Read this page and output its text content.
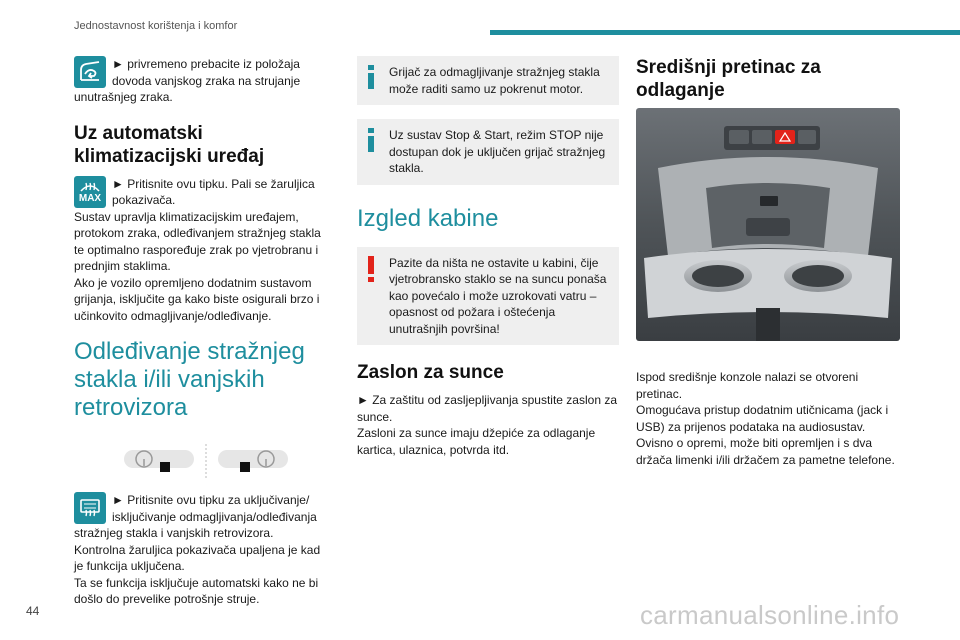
Jednostavnost korištenja i komfor

► privremeno prebacite iz položaja dovoda vanjskog zraka na strujanje unutrašnjeg zraka.

Uz automatski klimatizacijski uređaj
MAX

► Pritisnite ovu tipku. Pali se žaruljica pokazivača.

Sustav upravlja klimatizacijskim uređajem, protokom zraka, odleđivanjem stražnjeg stakla te optimalno raspoređuje zrak po vjetrobranu i prednjim staklima.

Ako je vozilo opremljeno dodatnim sustavom grijanja, isključite ga kako biste osigurali brzo i učinkovito odmagljivanje/odleđivanje.

Odleđivanje stražnjeg stakla i/ili vanjskih retrovizora

► Pritisnite ovu tipku za uključivanje/ isključivanje odmagljivanja/odleđivanja stražnjeg stakla i vanjskih retrovizora. Kontrolna žaruljica pokazivača upaljena je kad je funkcija uključena.

Ta se funkcija isključuje automatski kako ne bi došlo do prevelike potrošnje struje.

Grijač za odmagljivanje stražnjeg stakla može raditi samo uz pokrenut motor.
Uz sustav Stop & Start, režim STOP nije dostupan dok je uključen grijač stražnjeg stakla.
Izgled kabine
Pazite da ništa ne ostavite u kabini, čije vjetrobransko staklo se na suncu ponaša kao povećalo i može uzrokovati vatru – opasnost od požara i oštećenja unutrašnjih površina!
Zaslon za sunce

► Za zaštitu od zasljepljivanja spustite zaslon za sunce.

Zasloni za sunce imaju džepiće za odlaganje kartica, ulaznica, potvrda itd.

Središnji pretinac za odlaganje

Ispod središnje konzole nalazi se otvoreni pretinac.

Omogućava pristup dodatnim utičnicama (jack i USB) za prijenos podataka na audiosustav.

Ovisno o opremi, može biti opremljen i s dva držača limenki i/ili držačem za pametne telefone.

44	carmanualsonline.info
